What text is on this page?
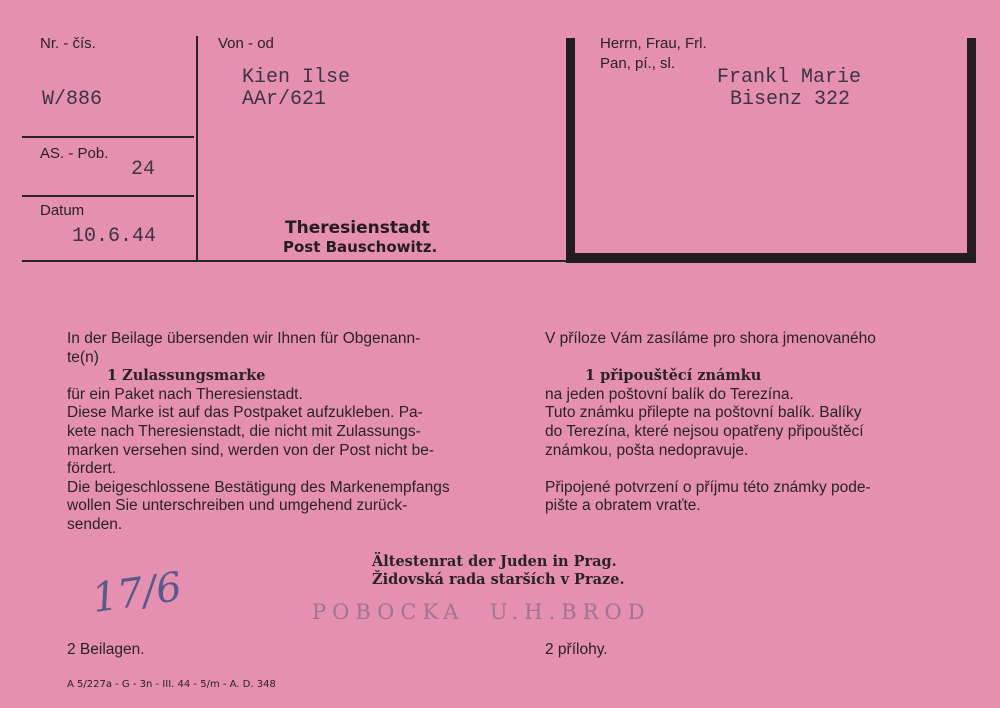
Nr. - čís.
W/886
AS. - Pob.
24
Datum
10.6.44
Von - od
Kien Ilse
AAr/621
Theresienstadt
Post Bauschowitz.
Herrn, Frau, Frl.
Pan, pí., sl.
Frankl Marie
Bisenz 322
In der Beilage übersenden wir Ihnen für Obgenann-
te(n)
1 Zulassungsmarke
für ein Paket nach Theresienstadt.
Diese Marke ist auf das Postpaket aufzukleben. Pa-
kete nach Theresienstadt, die nicht mit Zulassungs-
marken versehen sind, werden von der Post nicht be-
fördert.
Die beigeschlossene Bestätigung des Markenempfangs
wollen Sie unterschreiben und umgehend zurück-
senden.
V příloze Vám zasíláme pro shora jmenovaného
1 připouštěcí známku
na jeden poštovní balík do Terezína.
Tuto známku přilepte na poštovní balík. Balíky
do Terezína, které nejsou opatřeny připouštěcí
známkou, pošta nedopravuje.
Připojené potvrzení o příjmu této známky pode-
pište a obratem vraťte.
Ältestenrat der Juden in Prag.
Židovská rada starších v Praze.
17/6	POBOCKA  U.H.BROD
2 Beilagen.	2 přílohy.
A 5/227a - G - 3n - III. 44 - 5/m - A. D. 348
